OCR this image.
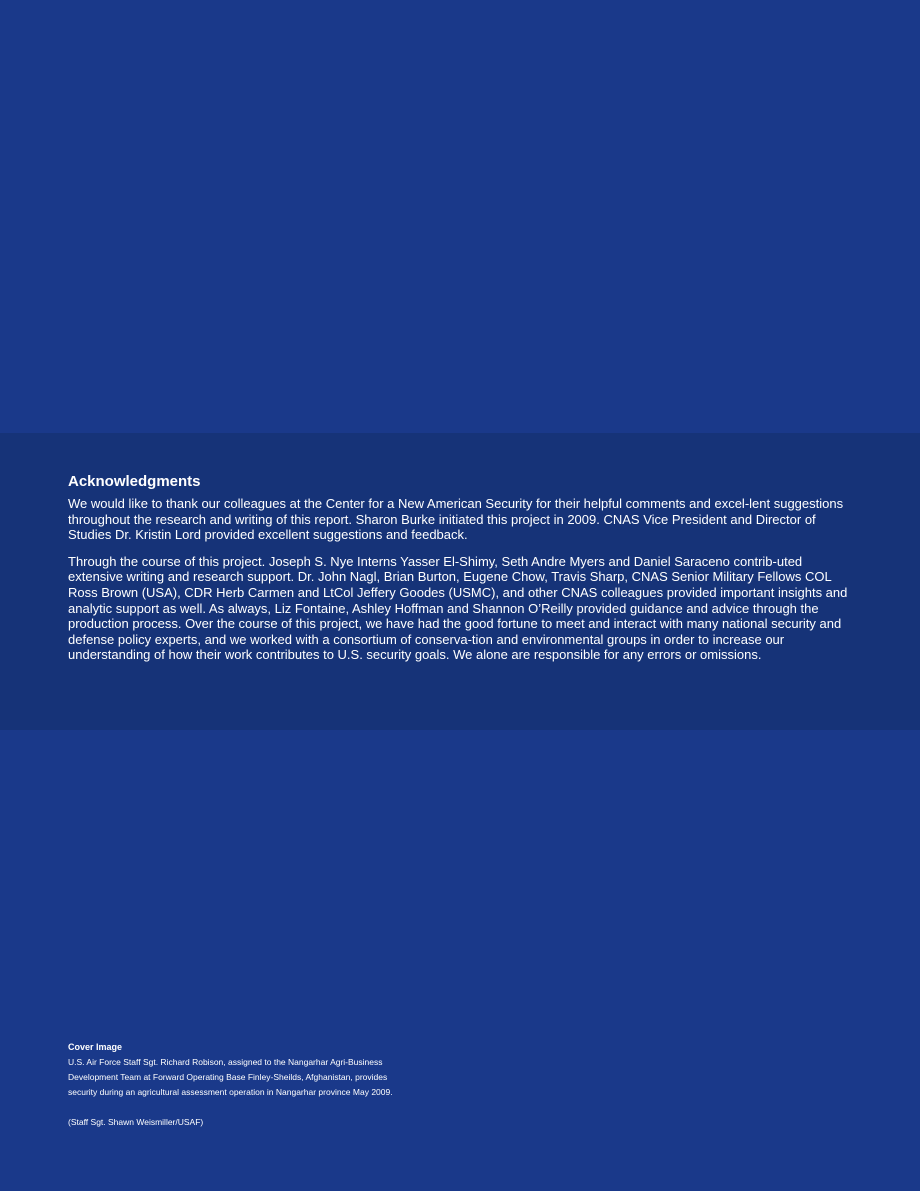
Acknowledgments

We would like to thank our colleagues at the Center for a New American Security for their helpful comments and excel-lent suggestions throughout the research and writing of this report. Sharon Burke initiated this project in 2009. CNAS Vice President and Director of Studies Dr. Kristin Lord provided excellent suggestions and feedback.

Through the course of this project. Joseph S. Nye Interns Yasser El-Shimy, Seth Andre Myers and Daniel Saraceno contrib-uted extensive writing and research support. Dr. John Nagl, Brian Burton, Eugene Chow, Travis Sharp, CNAS Senior Military Fellows COL Ross Brown (USA), CDR Herb Carmen and LtCol Jeffery Goodes (USMC), and other CNAS colleagues provided important insights and analytic support as well. As always, Liz Fontaine, Ashley Hoffman and Shannon O’Reilly provided guidance and advice through the production process. Over the course of this project, we have had the good fortune to meet and interact with many national security and defense policy experts, and we worked with a consortium of conserva-tion and environmental groups in order to increase our understanding of how their work contributes to U.S. security goals. We alone are responsible for any errors or omissions.

Cover Image
U.S. Air Force Staff Sgt. Richard Robison, assigned to the Nangarhar Agri-Business
Development Team at Forward Operating Base Finley-Sheilds, Afghanistan, provides
security during an agricultural assessment operation in Nangarhar province May 2009.
(Staff Sgt. Shawn Weismiller/USAF)
